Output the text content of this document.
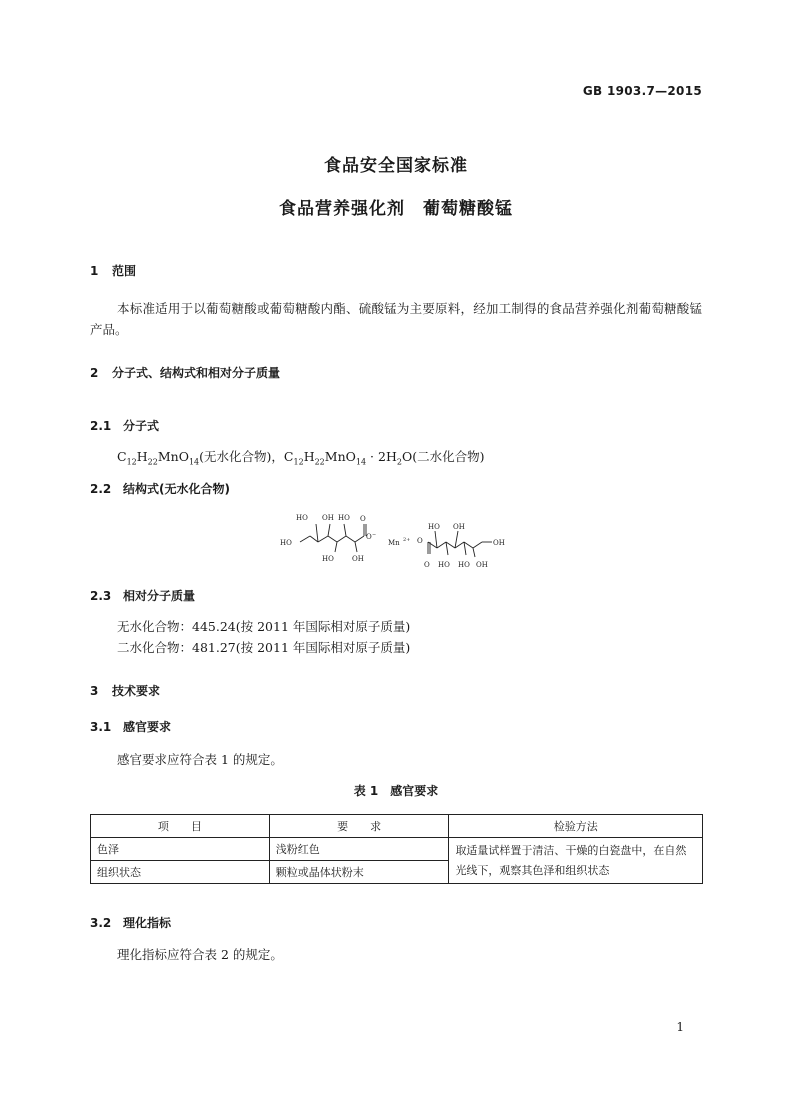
GB 1903.7—2015
食品安全国家标准
食品营养强化剂　葡萄糖酸锰
1 范围
本标准适用于以葡萄糖酸或葡萄糖酸内酯、硫酸锰为主要原料，经加工制得的食品营养强化剂葡萄糖酸锰产品。
2 分子式、结构式和相对分子质量
2.1 分子式
$C_{12}H_{22}MnO_{14}$(无水化合物)，$C_{12}H_{22}MnO_{14} \cdot 2H_2O$(二水化合物)
2.2 结构式(无水化合物)
HO OH HO O
HO
O −
HO	OH
Mn 2+ O
HO OH
OH
O HO HO OH
2.3 相对分子质量
无水化合物：445.24(按 2011 年国际相对原子质量)
二水化合物：481.27(按 2011 年国际相对原子质量)
3 技术要求
3.1 感官要求
感官要求应符合表 1 的规定。
表 1　感官要求
项　　目	要　　求	检验方法
色泽	浅粉红色	取适量试样置于清洁、干燥的白瓷盘中，在自然光线下，观察其色泽和组织状态
组织状态	颗粒或晶体状粉末	
3.2 理化指标
理化指标应符合表 2 的规定。
1
